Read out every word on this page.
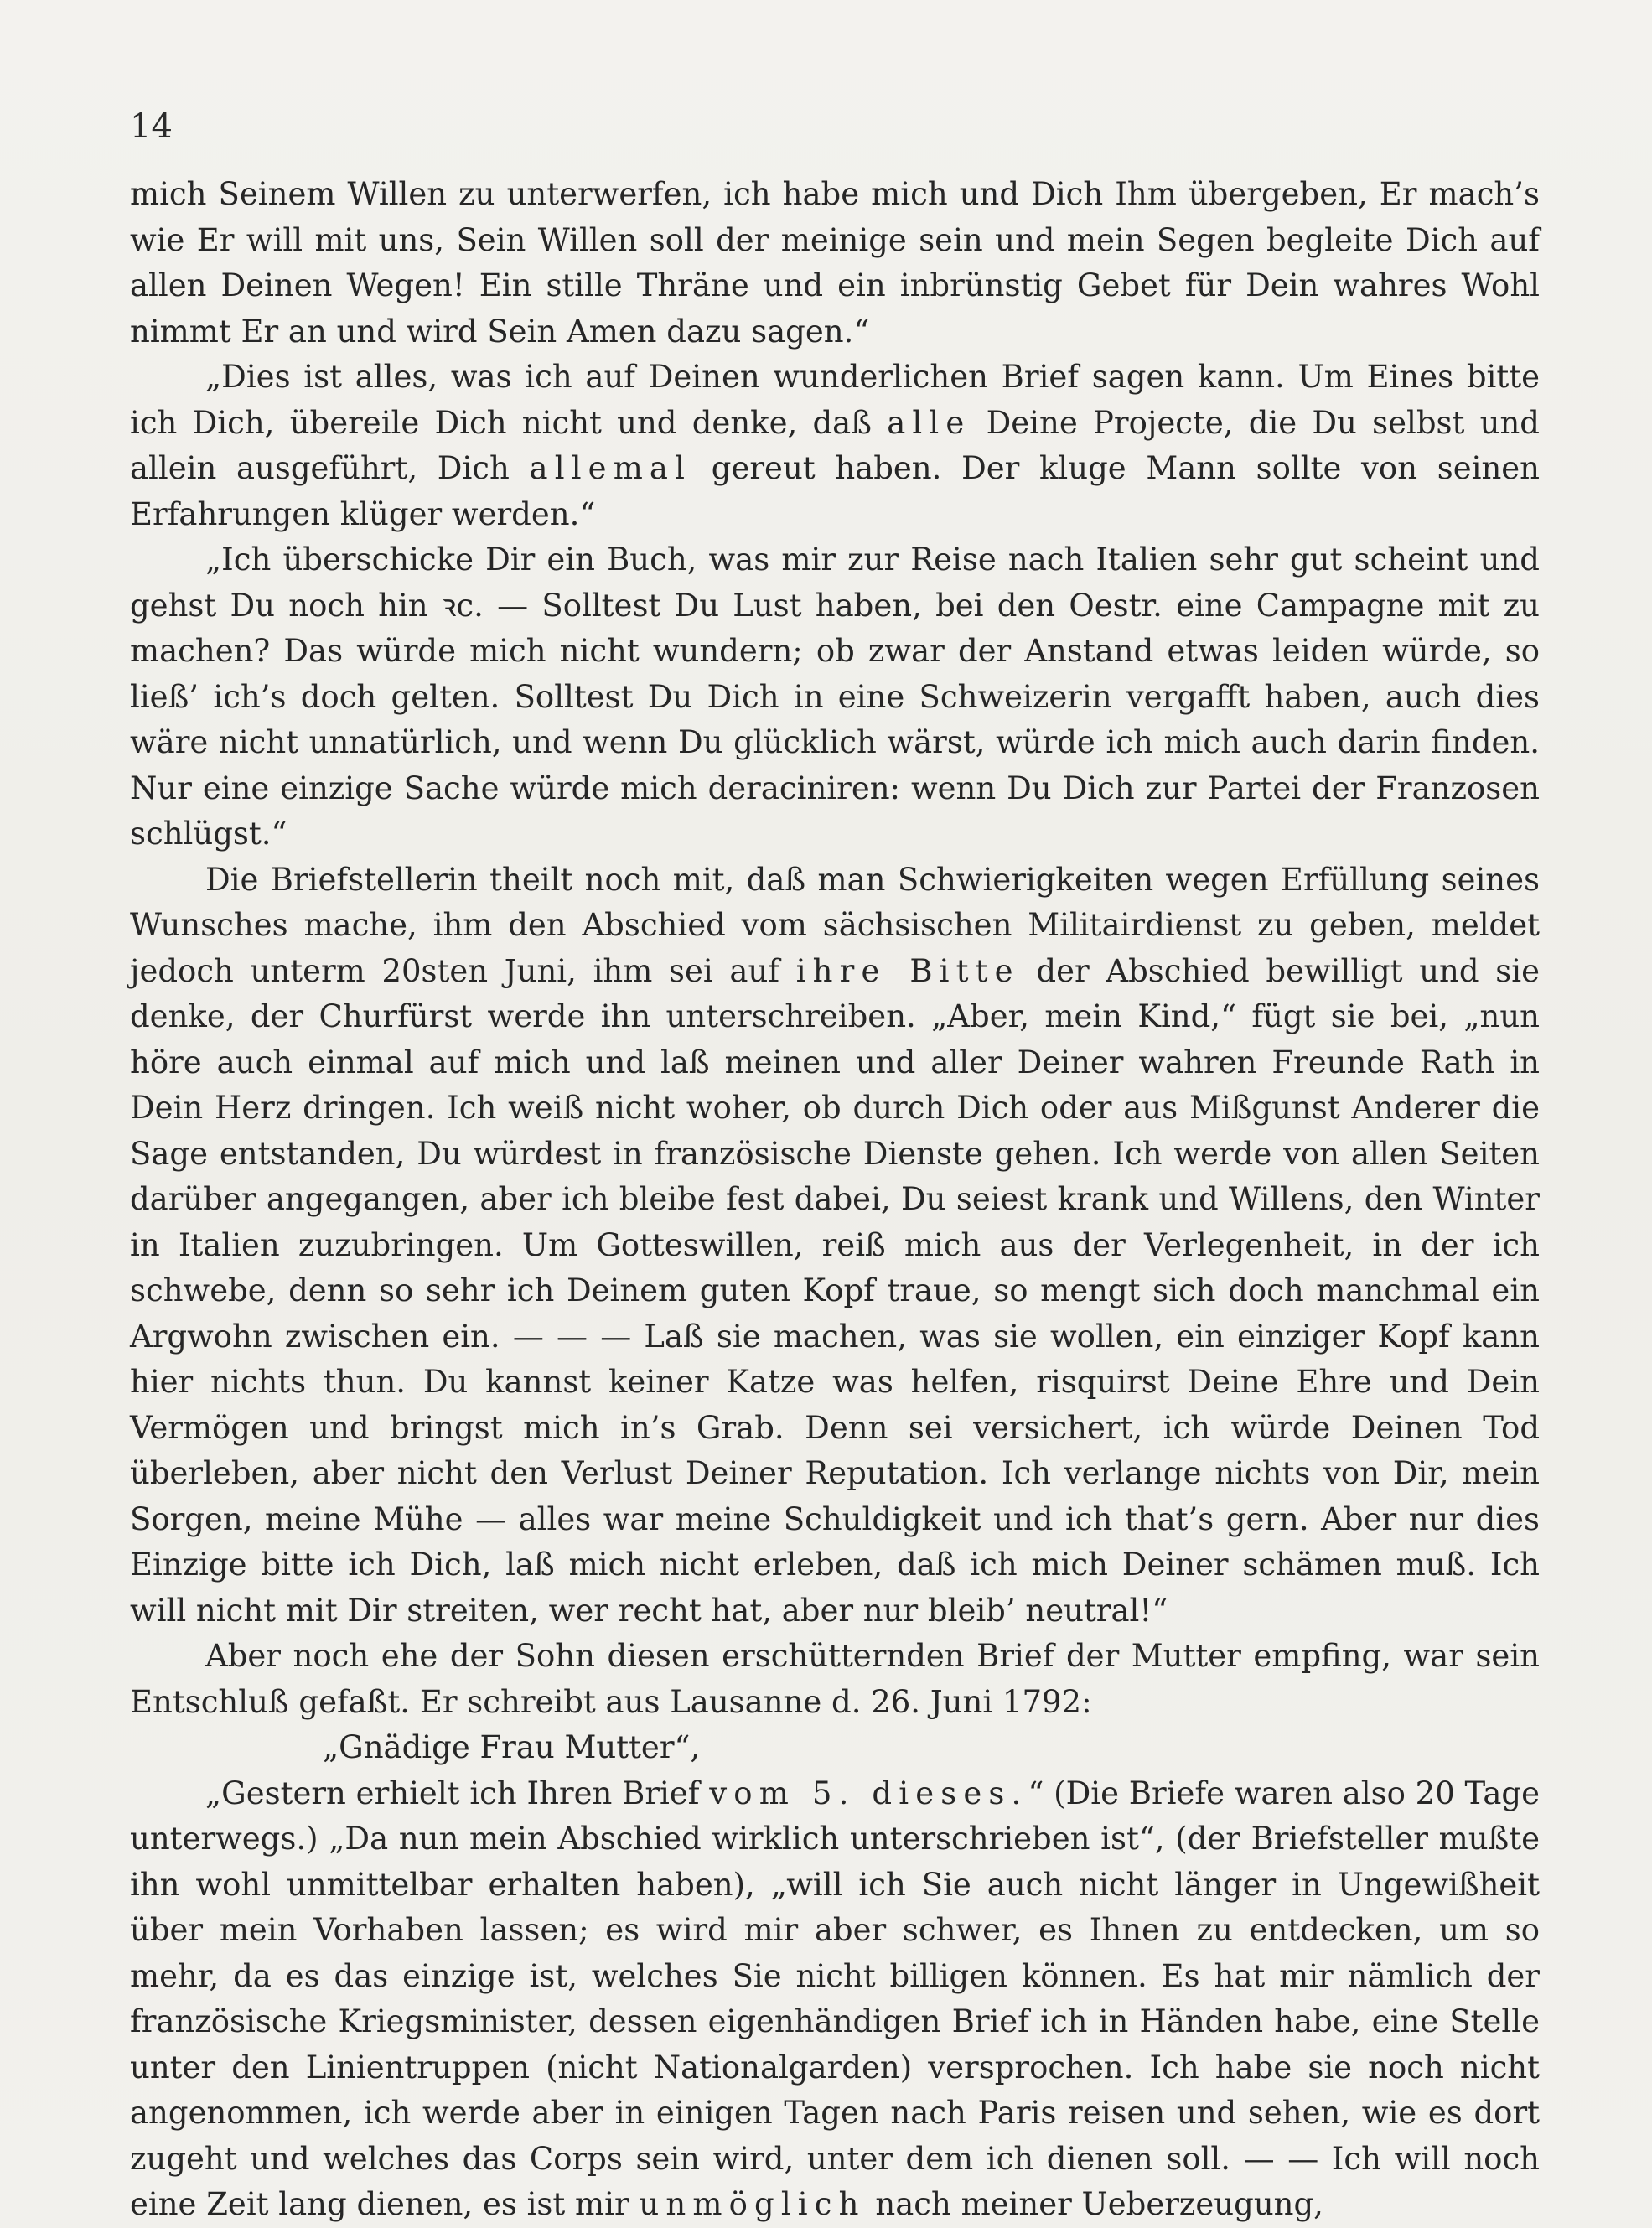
14

mich Seinem Willen zu unterwerfen, ich habe mich und Dich Ihm übergeben, Er mach’s wie Er will mit uns, Sein Willen soll der meinige sein und mein Segen begleite Dich auf allen Deinen Wegen! Ein stille Thräne und ein inbrünstig Gebet für Dein wahres Wohl nimmt Er an und wird Sein Amen dazu sagen.“

„Dies ist alles, was ich auf Deinen wunderlichen Brief sagen kann. Um Eines bitte ich Dich, übereile Dich nicht und denke, daß alle Deine Projecte, die Du selbst und allein ausgeführt, Dich allemal gereut haben. Der kluge Mann sollte von seinen Erfahrungen klüger werden.“

„Ich überschicke Dir ein Buch, was mir zur Reise nach Italien sehr gut scheint und gehst Du noch hin ꝛc. — Solltest Du Lust haben, bei den Oestr. eine Campagne mit zu machen? Das würde mich nicht wundern; ob zwar der Anstand etwas leiden würde, so ließ’ ich’s doch gelten. Solltest Du Dich in eine Schweizerin vergafft haben, auch dies wäre nicht unnatürlich, und wenn Du glücklich wärst, würde ich mich auch darin finden. Nur eine einzige Sache würde mich deraciniren: wenn Du Dich zur Partei der Franzosen schlügst.“

Die Briefstellerin theilt noch mit, daß man Schwierigkeiten wegen Erfüllung seines Wunsches mache, ihm den Abschied vom sächsischen Militairdienst zu geben, meldet jedoch unterm 20sten Juni, ihm sei auf ihre Bitte der Abschied bewilligt und sie denke, der Churfürst werde ihn unterschreiben. „Aber, mein Kind,“ fügt sie bei, „nun höre auch einmal auf mich und laß meinen und aller Deiner wahren Freunde Rath in Dein Herz dringen. Ich weiß nicht woher, ob durch Dich oder aus Mißgunst Anderer die Sage entstanden, Du würdest in französische Dienste gehen. Ich werde von allen Seiten darüber angegangen, aber ich bleibe fest dabei, Du seiest krank und Willens, den Winter in Italien zuzubringen. Um Gotteswillen, reiß mich aus der Verlegenheit, in der ich schwebe, denn so sehr ich Deinem guten Kopf traue, so mengt sich doch manchmal ein Argwohn zwischen ein. — — — Laß sie machen, was sie wollen, ein einziger Kopf kann hier nichts thun. Du kannst keiner Katze was helfen, risquirst Deine Ehre und Dein Vermögen und bringst mich in’s Grab. Denn sei versichert, ich würde Deinen Tod überleben, aber nicht den Verlust Deiner Reputation. Ich verlange nichts von Dir, mein Sorgen, meine Mühe — alles war meine Schuldigkeit und ich that’s gern. Aber nur dies Einzige bitte ich Dich, laß mich nicht erleben, daß ich mich Deiner schämen muß. Ich will nicht mit Dir streiten, wer recht hat, aber nur bleib’ neutral!“

Aber noch ehe der Sohn diesen erschütternden Brief der Mutter empfing, war sein Entschluß gefaßt. Er schreibt aus Lausanne d. 26. Juni 1792:

„Gnädige Frau Mutter“,

„Gestern erhielt ich Ihren Brief vom 5. dieses.“ (Die Briefe waren also 20 Tage unterwegs.) „Da nun mein Abschied wirklich unterschrieben ist“, (der Briefsteller mußte ihn wohl unmittelbar erhalten haben), „will ich Sie auch nicht länger in Ungewißheit über mein Vorhaben lassen; es wird mir aber schwer, es Ihnen zu entdecken, um so mehr, da es das einzige ist, welches Sie nicht billigen können. Es hat mir nämlich der französische Kriegsminister, dessen eigenhändigen Brief ich in Händen habe, eine Stelle unter den Linientruppen (nicht Nationalgarden) versprochen. Ich habe sie noch nicht angenommen, ich werde aber in einigen Tagen nach Paris reisen und sehen, wie es dort zugeht und welches das Corps sein wird, unter dem ich dienen soll. — — Ich will noch eine Zeit lang dienen, es ist mir unmöglich nach meiner Ueberzeugung,
